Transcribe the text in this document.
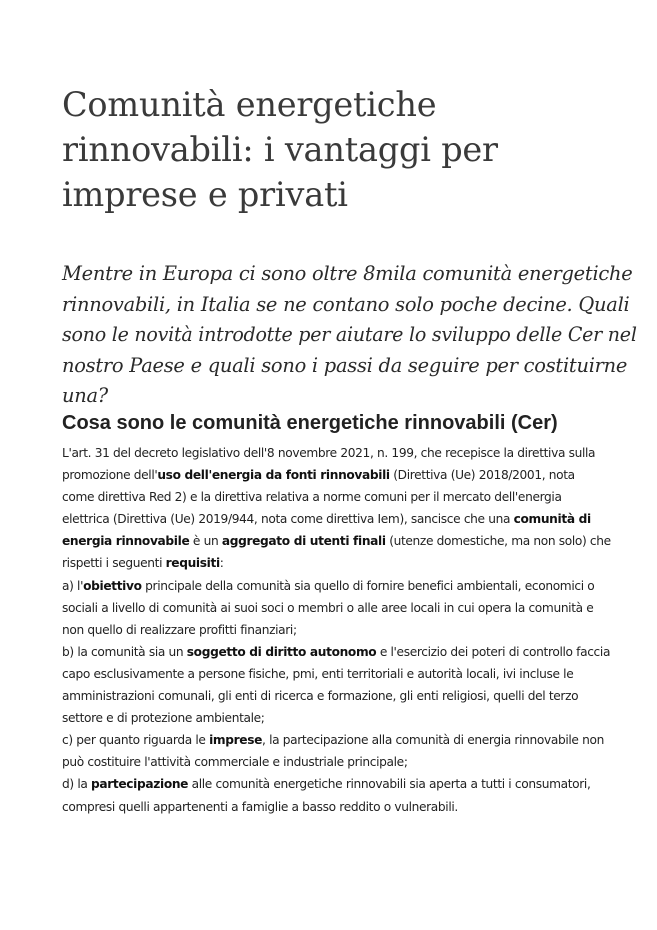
Comunità energetiche
rinnovabili: i vantaggi per
imprese e privati

Mentre in Europa ci sono oltre 8mila comunità energetiche
rinnovabili, in Italia se ne contano solo poche decine. Quali
sono le novità introdotte per aiutare lo sviluppo delle Cer nel
nostro Paese e quali sono i passi da seguire per costituirne
una?

Cosa sono le comunità energetiche rinnovabili (Cer)

L'art. 31 del decreto legislativo dell'8 novembre 2021, n. 199, che recepisce la direttiva sulla
promozione dell'uso dell'energia da fonti rinnovabili (Direttiva (Ue) 2018/2001, nota
come direttiva Red 2) e la direttiva relativa a norme comuni per il mercato dell'energia
elettrica (Direttiva (Ue) 2019/944, nota come direttiva Iem), sancisce che una comunità di
energia rinnovabile è un aggregato di utenti finali (utenze domestiche, ma non solo) che
rispetti i seguenti requisiti:

a) l'obiettivo principale della comunità sia quello di fornire benefici ambientali, economici o
sociali a livello di comunità ai suoi soci o membri o alle aree locali in cui opera la comunità e
non quello di realizzare profitti finanziari;

b) la comunità sia un soggetto di diritto autonomo e l'esercizio dei poteri di controllo faccia
capo esclusivamente a persone fisiche, pmi, enti territoriali e autorità locali, ivi incluse le
amministrazioni comunali, gli enti di ricerca e formazione, gli enti religiosi, quelli del terzo
settore e di protezione ambientale;

c) per quanto riguarda le imprese, la partecipazione alla comunità di energia rinnovabile non
può costituire l'attività commerciale e industriale principale;

d) la partecipazione alle comunità energetiche rinnovabili sia aperta a tutti i consumatori,
compresi quelli appartenenti a famiglie a basso reddito o vulnerabili.
